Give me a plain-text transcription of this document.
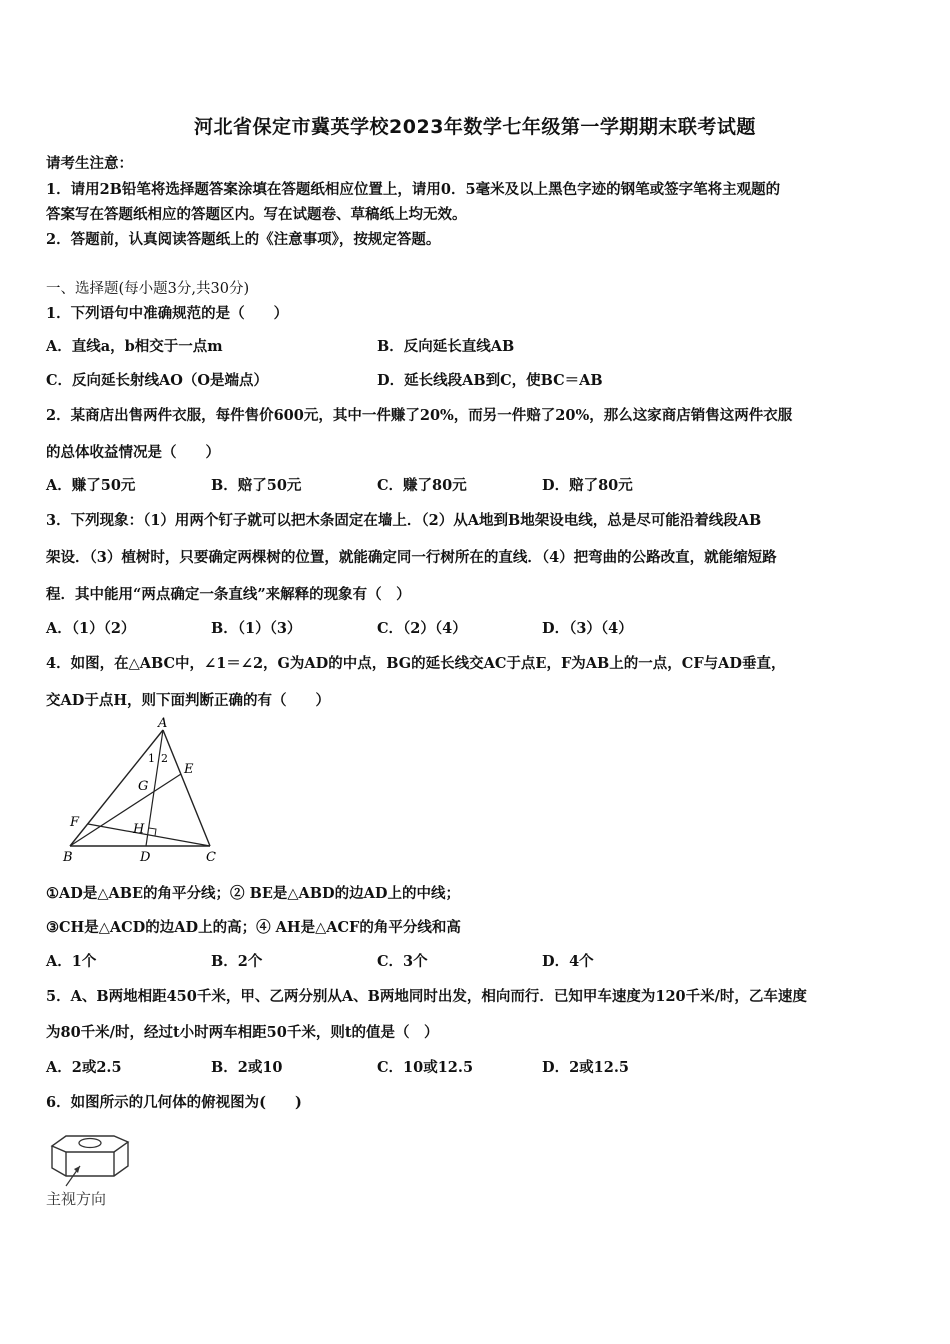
河北省保定市冀英学校2023年数学七年级第一学期期末联考试题
请考生注意：
1．请用2B铅笔将选择题答案涂填在答题纸相应位置上，请用0．5毫米及以上黑色字迹的钢笔或签字笔将主观题的
答案写在答题纸相应的答题区内。写在试题卷、草稿纸上均无效。
2．答题前，认真阅读答题纸上的《注意事项》，按规定答题。
一、选择题(每小题3分,共30分)
1．下列语句中准确规范的是（　　）
A．直线a，b相交于一点m	B．反向延长直线AB
C．反向延长射线AO（O是端点）	D．延长线段AB到C，使BC＝AB
2．某商店出售两件衣服，每件售价600元，其中一件赚了20%，而另一件赔了20%，那么这家商店销售这两件衣服
的总体收益情况是（　　）
A．赚了50元	B．赔了50元	C．赚了80元	D．赔了80元
3．下列现象：（1）用两个钉子就可以把木条固定在墙上．（2）从A地到B地架设电线，总是尽可能沿着线段AB
架设．（3）植树时，只要确定两棵树的位置，就能确定同一行树所在的直线．（4）把弯曲的公路改直，就能缩短路
程．其中能用“两点确定一条直线”来解释的现象有（　）
A．（1）（2）	B．（1）（3）	C．（2）（4）	D．（3）（4）
4．如图，在△ABC中，∠1＝∠2，G为AD的中点，BG的延长线交AC于点E，F为AB上的一点，CF与AD垂直，
交AD于点H，则下面判断正确的有（　　）
A
B	C
D
E
F
G
H
1 2
①AD是△ABE的角平分线；② BE是△ABD的边AD上的中线；
③CH是△ACD的边AD上的高；④ AH是△ACF的角平分线和高
A．1个	B．2个	C．3个	D．4个
5．A、B两地相距450千米，甲、乙两分别从A、B两地同时出发，相向而行．已知甲车速度为120千米/时，乙车速度
为80千米/时，经过t小时两车相距50千米，则t的值是（　）
A．2或2.5	B．2或10	C．10或12.5	D．2或12.5
6．如图所示的几何体的俯视图为(　　)
主视方向
